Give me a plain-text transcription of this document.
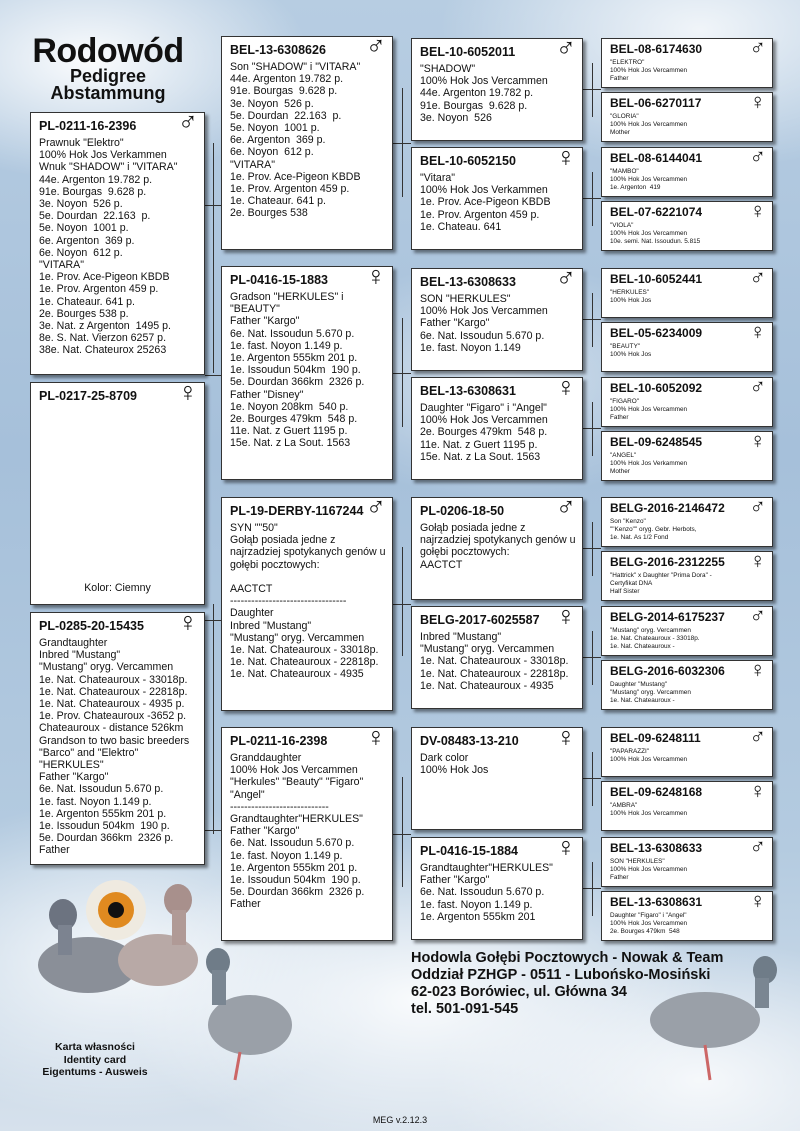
Rodowód
Pedigree
Abstammung
PL-0211-16-2396 ♂
Prawnuk "Elektro"
100% Hok Jos Verkammen
Wnuk "SHADOW" i "VITARA"
44e. Argenton 19.782 p.
91e. Bourgas  9.628 p.
3e. Noyon  526 p.
5e. Dourdan  22.163  p.
5e. Noyon  1001 p.
6e. Argenton  369 p.
6e. Noyon  612 p.
"VITARA"
1e. Prov. Ace-Pigeon KBDB
1e. Prov. Argenton 459 p.
1e. Chateaur. 641 p.
2e. Bourges 538 p.
3e. Nat. z Argenton  1495 p.
8e. S. Nat. Vierzon 6257 p.
38e. Nat. Chateurox 25263
PL-0217-25-8709 ♀
Kolor: Ciemny
PL-0285-20-15435 ♀
Grandtaughter
Inbred "Mustang"
"Mustang" oryg. Vercammen
1e. Nat. Chateauroux - 33018p.
1e. Nat. Chateauroux - 22818p.
1e. Nat. Chateauroux - 4935 p.
1e. Prov. Chateauroux -3652 p.
Chateauroux - distance 526km
Grandson to two basic breeders
"Barco" and "Elektro"
"HERKULES"
Father "Kargo"
6e. Nat. Issoudun 5.670 p.
1e. fast. Noyon 1.149 p.
1e. Argenton 555km 201 p.
1e. Issoudun 504km  190 p.
5e. Dourdan 366km  2326 p.
Father
BEL-13-6308626 ♂
Son "SHADOW" i "VITARA"
44e. Argenton 19.782 p.
91e. Bourgas  9.628 p.
3e. Noyon  526 p.
5e. Dourdan  22.163  p.
5e. Noyon  1001 p.
6e. Argenton  369 p.
6e. Noyon  612 p.
"VITARA"
1e. Prov. Ace-Pigeon KBDB
1e. Prov. Argenton 459 p.
1e. Chateaur. 641 p.
2e. Bourges 538
PL-0416-15-1883 ♀
Gradson "HERKULES" i
"BEAUTY"
Father "Kargo"
6e. Nat. Issoudun 5.670 p.
1e. fast. Noyon 1.149 p.
1e. Argenton 555km 201 p.
1e. Issoudun 504km  190 p.
5e. Dourdan 366km  2326 p.
Father "Disney"
1e. Noyon 208km  540 p.
2e. Bourges 479km  548 p.
11e. Nat. z Guert 1195 p.
15e. Nat. z La Sout. 1563
PL-19-DERBY-1167244 ♂
SYN ""50"
Gołąb posiada jedne z
najrzadziej spotykanych genów u
gołębi pocztowych:

AACTCT
---------------------------------
Daughter
Inbred "Mustang"
"Mustang" oryg. Vercammen
1e. Nat. Chateauroux - 33018p.
1e. Nat. Chateauroux - 22818p.
1e. Nat. Chateauroux - 4935
PL-0211-16-2398 ♀
Granddaughter
100% Hok Jos Vercammen
"Herkules" "Beauty" "Figaro"
"Angel"
----------------------------
Grandtaughter"HERKULES"
Father "Kargo"
6e. Nat. Issoudun 5.670 p.
1e. fast. Noyon 1.149 p.
1e. Argenton 555km 201 p.
1e. Issoudun 504km  190 p.
5e. Dourdan 366km  2326 p.
Father
BEL-10-6052011 ♂
"SHADOW"
100% Hok Jos Vercammen
44e. Argenton 19.782 p.
91e. Bourgas  9.628 p.
3e. Noyon  526
BEL-10-6052150 ♀
"Vitara"
100% Hok Jos Verkammen
1e. Prov. Ace-Pigeon KBDB
1e. Prov. Argenton 459 p.
1e. Chateau. 641
BEL-13-6308633 ♂
SON "HERKULES"
100% Hok Jos Vercammen
Father "Kargo"
6e. Nat. Issoudun 5.670 p.
1e. fast. Noyon 1.149
BEL-13-6308631 ♀
Daughter "Figaro" i "Angel"
100% Hok Jos Vercammen
2e. Bourges 479km  548 p.
11e. Nat. z Guert 1195 p.
15e. Nat. z La Sout. 1563
PL-0206-18-50 ♂
Gołąb posiada jedne z
najrzadziej spotykanych genów u
gołębi pocztowych:
AACTCT
BELG-2017-6025587 ♀
Inbred "Mustang"
"Mustang" oryg. Vercammen
1e. Nat. Chateauroux - 33018p.
1e. Nat. Chateauroux - 22818p.
1e. Nat. Chateauroux - 4935
DV-08483-13-210 ♀
Dark color
100% Hok Jos
PL-0416-15-1884 ♀
Grandtaughter"HERKULES"
Father "Kargo"
6e. Nat. Issoudun 5.670 p.
1e. fast. Noyon 1.149 p.
1e. Argenton 555km 201
BEL-08-6174630 ♂
"ELEKTRO"
100% Hok Jos Vercammen
Father
BEL-06-6270117 ♀
"GLORIA"
100% Hok Jos Vercammen
Mother
BEL-08-6144041 ♂
"MAMBO"
100% Hok Jos Vercammen
1e. Argenton  419
BEL-07-6221074 ♀
"VIOLA"
100% Hok Jos Vercammen
10e. semi. Nat. Issoudun. 5.815
BEL-10-6052441 ♂
"HERKULES"
100% Hok Jos
BEL-05-6234009 ♀
"BEAUTY"
100% Hok Jos
BEL-10-6052092 ♂
"FIGARO"
100% Hok Jos Vercammen
Father
BEL-09-6248545 ♀
"ANGEL"
100% Hok Jos Verkammen
Mother
BELG-2016-2146472 ♂
Son "Kenzo"
""Kenzo"" oryg. Gebr. Herbots,
1e. Nat. As 1/2 Fond
BELG-2016-2312255 ♀
"Hattrick" x Daughter "Prima Dora" -
Certyfikat DNA
Half Sister
BELG-2014-6175237 ♂
"Mustang" oryg. Vercammen
1e. Nat. Chateauroux - 33018p.
1e. Nat. Chateauroux -
BELG-2016-6032306 ♀
Daughter "Mustang"
"Mustang" oryg. Vercammen
1e. Nat. Chateauroux -
BEL-09-6248111 ♂
"PAPARAZZI"
100% Hok Jos Vercammen
BEL-09-6248168 ♀
"AMBRA"
100% Hok Jos Vercammen
BEL-13-6308633 ♂
SON "HERKULES"
100% Hok Jos Vercammen
Father
BEL-13-6308631 ♀
Daughter "Figaro" i "Angel"
100% Hok Jos Vercammen
2e. Bourges 479km  548
Hodowla Gołębi Pocztowych - Nowak & Team
Oddział PZHGP - 0511 - Lubońsko-Mosiński
62-023 Borówiec, ul. Główna 34
tel. 501-091-545
Karta własności
Identity card
Eigentums - Ausweis
MEG v.2.12.3
